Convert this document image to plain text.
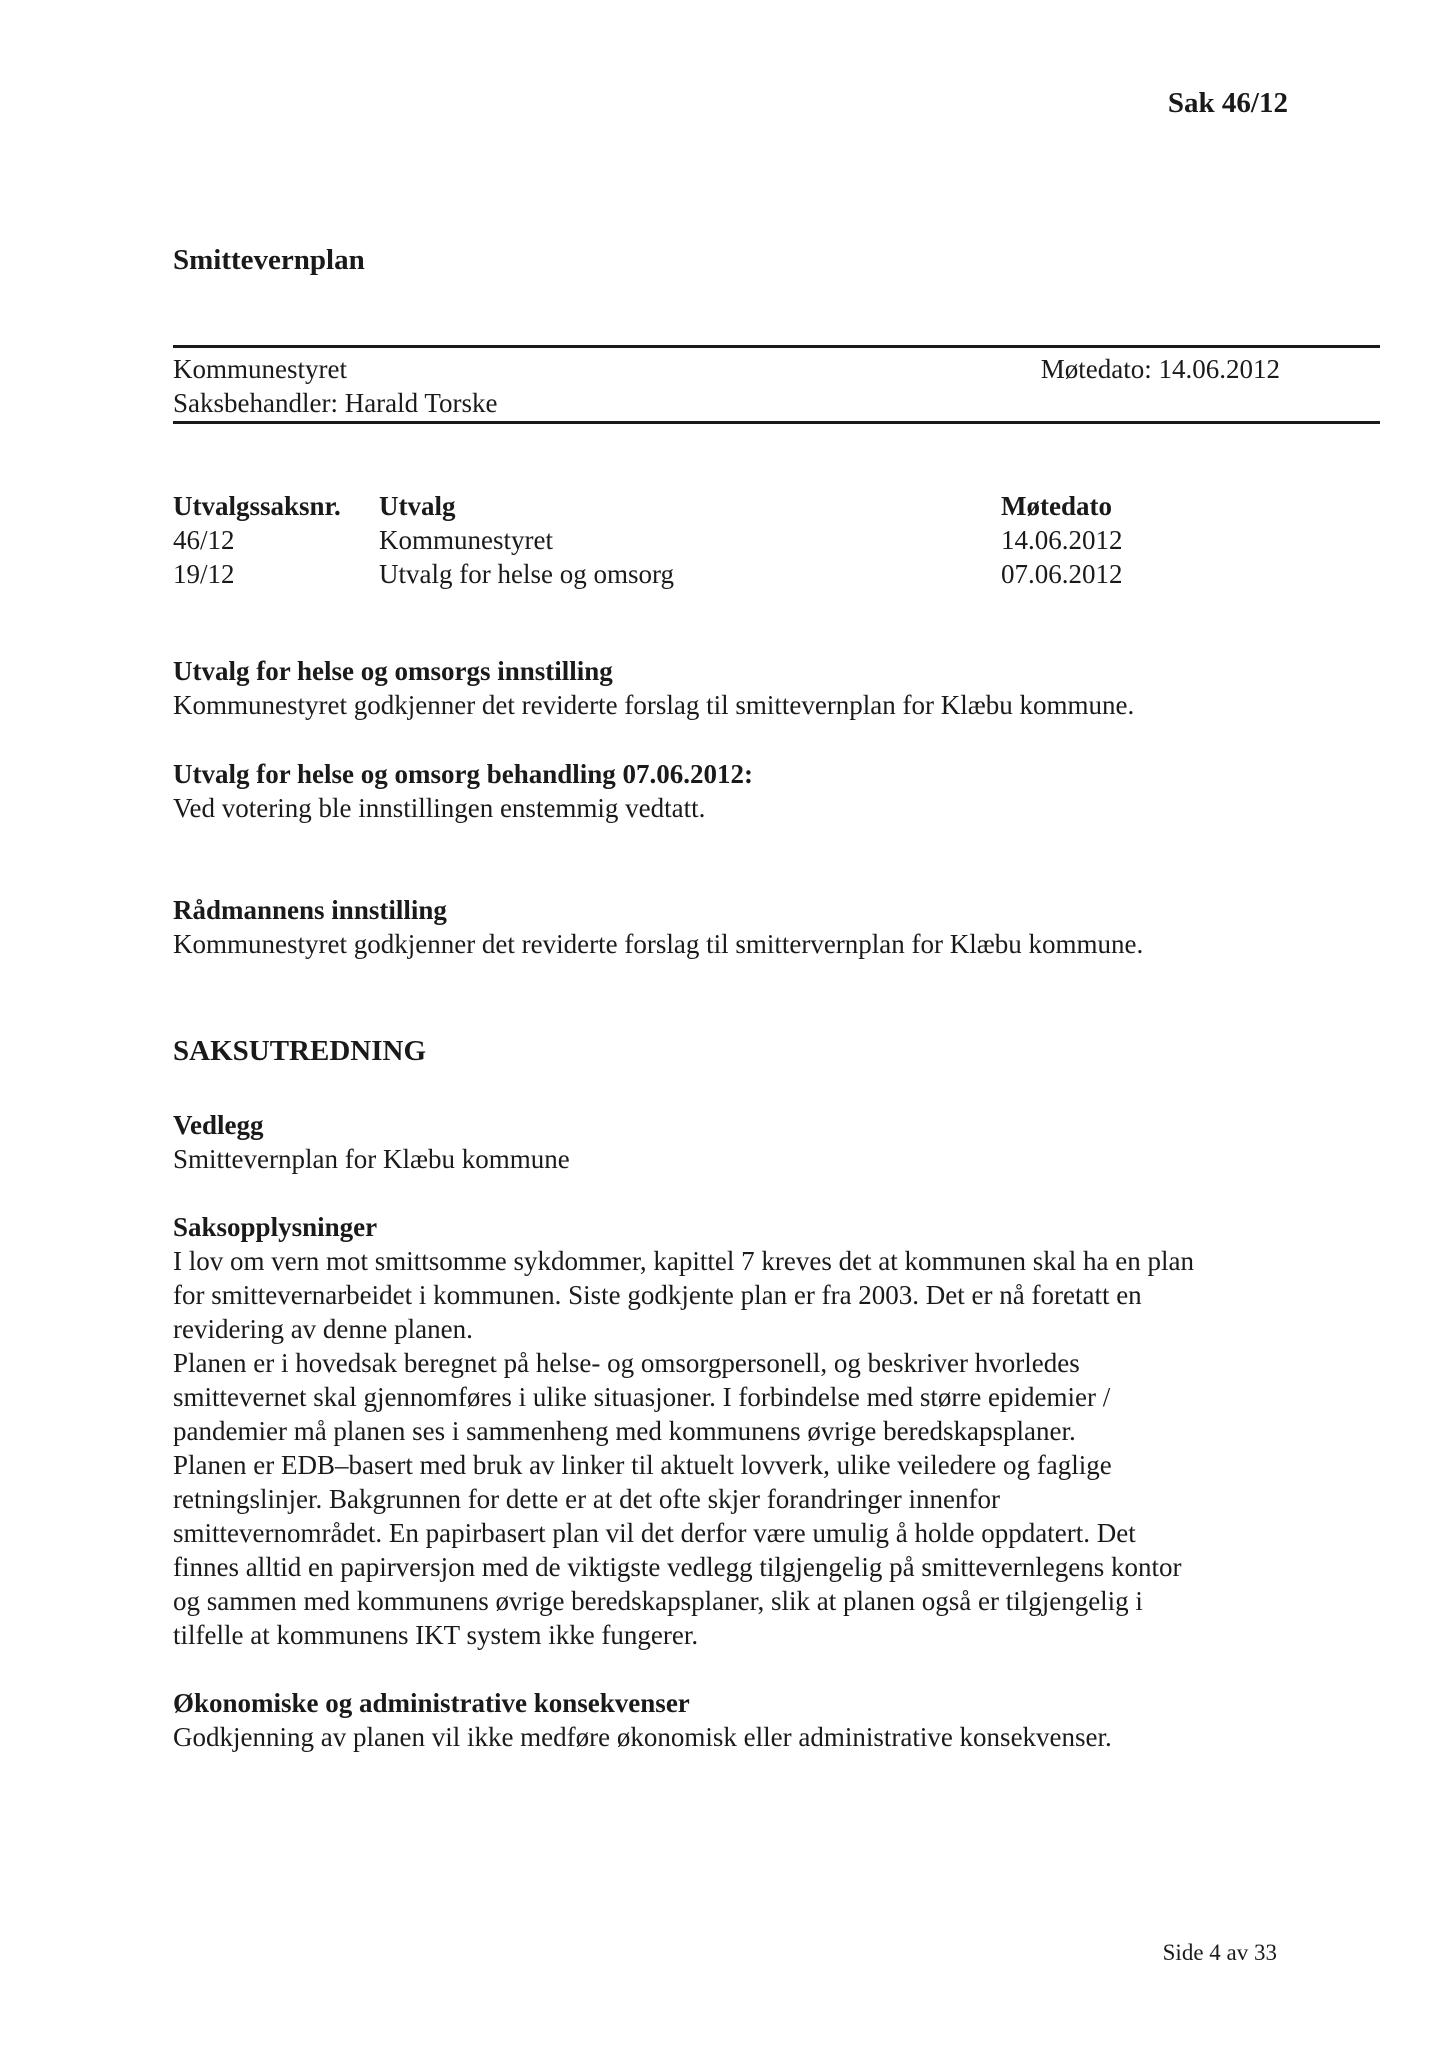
Sak 46/12
Smittevernplan
Kommunestyret	Møtedato: 14.06.2012
Saksbehandler: Harald Torske
Utvalgssaksnr.	Utvalg	Møtedato
46/12	Kommunestyret	14.06.2012
19/12	Utvalg for helse og omsorg	07.06.2012
Utvalg for helse og omsorgs innstilling

Kommunestyret godkjenner det reviderte forslag til smittevernplan for Klæbu kommune.

Utvalg for helse og omsorg behandling 07.06.2012:

Ved votering ble innstillingen enstemmig vedtatt.

Rådmannens innstilling

Kommunestyret godkjenner det reviderte forslag til smittervernplan for Klæbu kommune.

SAKSUTREDNING
Vedlegg

Smittevernplan for Klæbu kommune

Saksopplysninger
I lov om vern mot smittsomme sykdommer, kapittel 7 kreves det at kommunen skal ha en plan
for smittevernarbeidet i kommunen. Siste godkjente plan er fra 2003. Det er nå foretatt en
revidering av denne planen.
Planen er i hovedsak beregnet på helse- og omsorgpersonell, og beskriver hvorledes
smittevernet skal gjennomføres i ulike situasjoner. I forbindelse med større epidemier /
pandemier må planen ses i sammenheng med kommunens øvrige beredskapsplaner.
Planen er EDB–basert med bruk av linker til aktuelt lovverk, ulike veiledere og faglige
retningslinjer. Bakgrunnen for dette er at det ofte skjer forandringer innenfor
smittevernområdet. En papirbasert plan vil det derfor være umulig å holde oppdatert. Det
finnes alltid en papirversjon med de viktigste vedlegg tilgjengelig på smittevernlegens kontor
og sammen med kommunens øvrige beredskapsplaner, slik at planen også er tilgjengelig i
tilfelle at kommunens IKT system ikke fungerer.
Økonomiske og administrative konsekvenser

Godkjenning av planen vil ikke medføre økonomisk eller administrative konsekvenser.

Side 4 av 33
